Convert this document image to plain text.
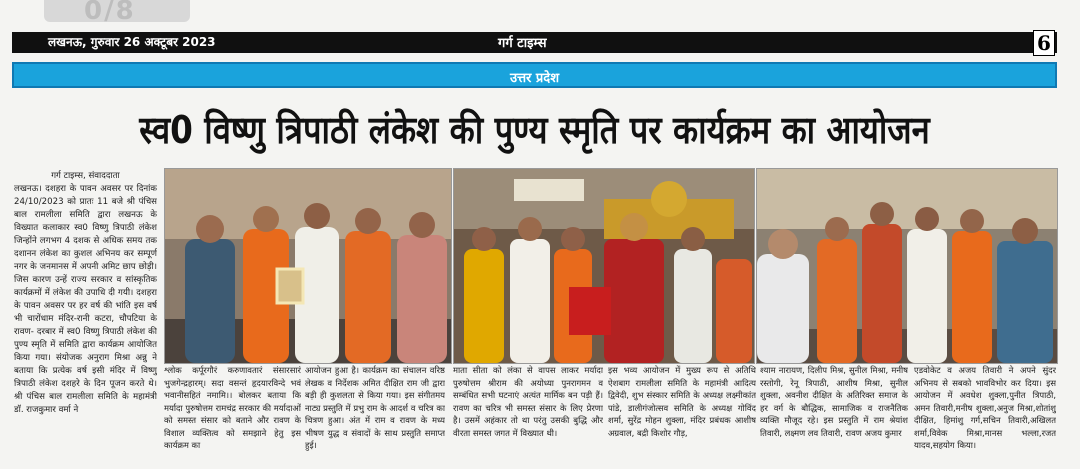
0/8
लखनऊ, गुरुवार 26 अक्टूबर 2023	गर्ग टाइम्स	6
उत्तर प्रदेश
स्व0 विष्णु त्रिपाठी लंकेश की पुण्य स्मृति पर कार्यक्रम का आयोजन
गर्ग टाइम्स, संवाददाता
लखनऊ। दशहरा के पावन अवसर पर दिनांक 24/10/2023 को प्रातः 11 बजे श्री पंचिस बाल रामलीला समिति द्वारा लखनऊ के विख्यात कलाकार स्व0 विष्णु त्रिपाठी लंकेश जिन्होंने लगभग 4 दशक से अधिक समय तक दशानन लंकेश का कुशल अभिनय कर सम्पूर्ण नगर के जनमानस में अपनी अमिट छाप छोड़ी। जिस कारण उन्हें राज्य सरकार व सांस्कृतिक कार्यक्रमों में लंकेश की उपाधि दी गयी। दशहरा के पावन अवसर पर हर वर्ष की भांति इस वर्ष भी चारोंधाम मंदिर-रानी कटरा, चौपटिया के रावण- दरबार में स्व0 विष्णु त्रिपाठी लंकेश की पुण्य स्मृति में समिति द्वारा कार्यक्रम आयोजित किया गया। संयोजक अनुराग मिश्रा अन्नु ने बताया कि प्रत्येक वर्ष इसी मंदिर में विष्णु त्रिपाठी लंकेश दशहरे के दिन पूजन करते थे। श्री पंचिस बाल रामलीला समिति के महामंत्री डॉ. राजकुमार वर्मा ने
श्लोक कर्पूरगौरं करुणावतारं संसारसारं भुजगेन्द्रहारम्। सदा वसन्तं हृदयारविन्दे भवं भवानीसहितं नमामि।। बोलकर बताया कि मर्यादा पुरुषोत्तम रामचंद्र सरकार की मर्यादाओं को समस्त संसार को बताने और रावण के विशाल व्यक्तित्व को समझाने हेतु इस कार्यक्रम का
आयोजन हुआ है। कार्यक्रम का संचालन वरिष्ठ लेखक व निर्देशक अमित दीक्षित राम जी द्वारा बड़ी ही कुशलता से किया गया। इस संगीतमय नाट्य प्रस्तुति में प्रभु राम के आदर्श व चरित्र का चित्रण हुआ। अंत में राम व रावण के मध्य भीषण युद्ध व संवादों के साथ प्रस्तुति समाप्त हुई।
माता सीता को लंका से वापस लाकर मर्यादा पुरुषोत्तम श्रीराम की अयोध्या पुनरागमन व सम्बंधित सभी घटनाएं अत्यंत मार्मिक बन पड़ी हैं। रावण का चरित्र भी समस्त संसार के लिए प्रेरणा है। उसमें अहंकार तो था परंतु उसकी बुद्धि और वीरता समस्त जगत में विख्यात थी।
इस भव्य आयोजन में मुख्य रूप से अतिथि ऐशबाग रामलीला समिति के महामंत्री आदित्य द्विवेदी, शुभ संस्कार समिति के अध्यक्ष लक्ष्मीकांत पांडे, डालीगंजोत्सव समिति के अध्यक्ष गोविंद शर्मा, सुरेंद्र मोहन शुक्ला, मंदिर प्रबंधक आशीष अग्रवाल, बद्री किशोर गौड़,
श्याम नारायण, दिलीप मिश्र, सुनील मिश्रा, मनीष रस्तोगी, रेनू त्रिपाठी, आशीष मिश्रा, सुनील शुक्ला, अवनीश दीक्षित के अतिरिक्त समाज के हर वर्ग के बौद्धिक, सामाजिक व राजनैतिक व्यक्ति मौजूद रहे। इस प्रस्तुति में राम श्रेयांश तिवारी, लक्ष्मण लव तिवारी, रावण अजय कुमार
एडवोकेट व अजय तिवारी ने अपने सुंदर अभिनय से सबको भावविभोर कर दिया। इस आयोजन में अवधेश शुक्ला,पुनीत त्रिपाठी, अमन तिवारी,मनीष शुक्ला,अनुज मिश्रा,शोतांशु दीक्षित, हिमांशु गर्ग,सचिन तिवारी,अखिलत शर्मा,विवेक मिश्रा,मानस भल्ला,रजत यादव,सहयोग किया।
